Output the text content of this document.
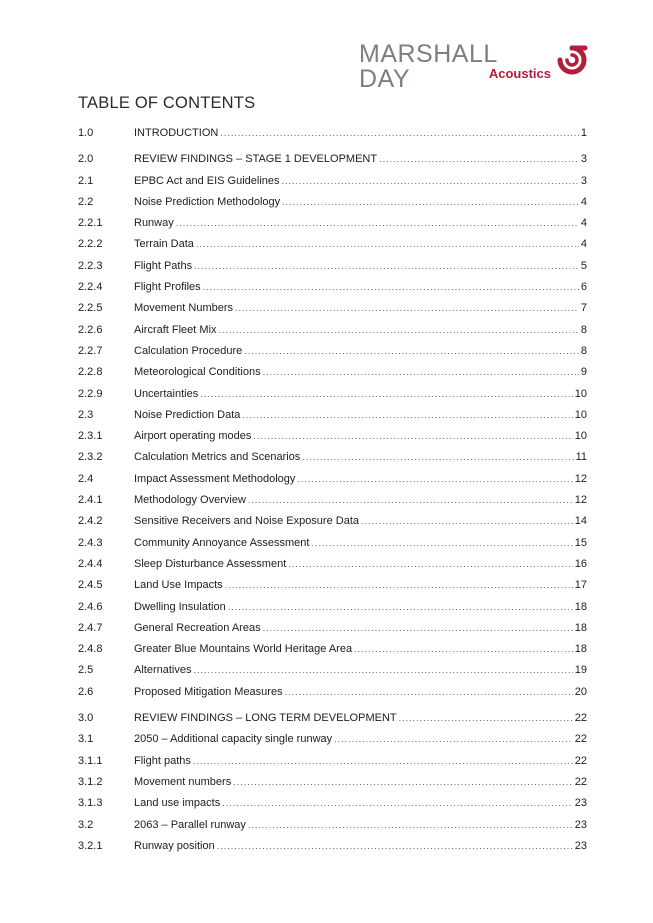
MARSHALL DAY	Acoustics
TABLE OF CONTENTS
1.0	INTRODUCTION .....	1
2.0	REVIEW FINDINGS – STAGE 1 DEVELOPMENT .....	3
2.1	EPBC Act and EIS Guidelines .....	3
2.2	Noise Prediction Methodology .....	4
2.2.1	Runway .....	4
2.2.2	Terrain Data .....	4
2.2.3	Flight Paths .....	5
2.2.4	Flight Profiles .....	6
2.2.5	Movement Numbers .....	7
2.2.6	Aircraft Fleet Mix .....	8
2.2.7	Calculation Procedure .....	8
2.2.8	Meteorological Conditions .....	9
2.2.9	Uncertainties .....	10
2.3	Noise Prediction Data .....	10
2.3.1	Airport operating modes .....	10
2.3.2	Calculation Metrics and Scenarios .....	11
2.4	Impact Assessment Methodology .....	12
2.4.1	Methodology Overview .....	12
2.4.2	Sensitive Receivers and Noise Exposure Data .....	14
2.4.3	Community Annoyance Assessment .....	15
2.4.4	Sleep Disturbance Assessment .....	16
2.4.5	Land Use Impacts .....	17
2.4.6	Dwelling Insulation .....	18
2.4.7	General Recreation Areas .....	18
2.4.8	Greater Blue Mountains World Heritage Area .....	18
2.5	Alternatives .....	19
2.6	Proposed Mitigation Measures .....	20
3.0	REVIEW FINDINGS – LONG TERM DEVELOPMENT .....	22
3.1	2050 – Additional capacity single runway .....	22
3.1.1	Flight paths .....	22
3.1.2	Movement numbers .....	22
3.1.3	Land use impacts .....	23
3.2	2063 – Parallel runway .....	23
3.2.1	Runway position .....	23
